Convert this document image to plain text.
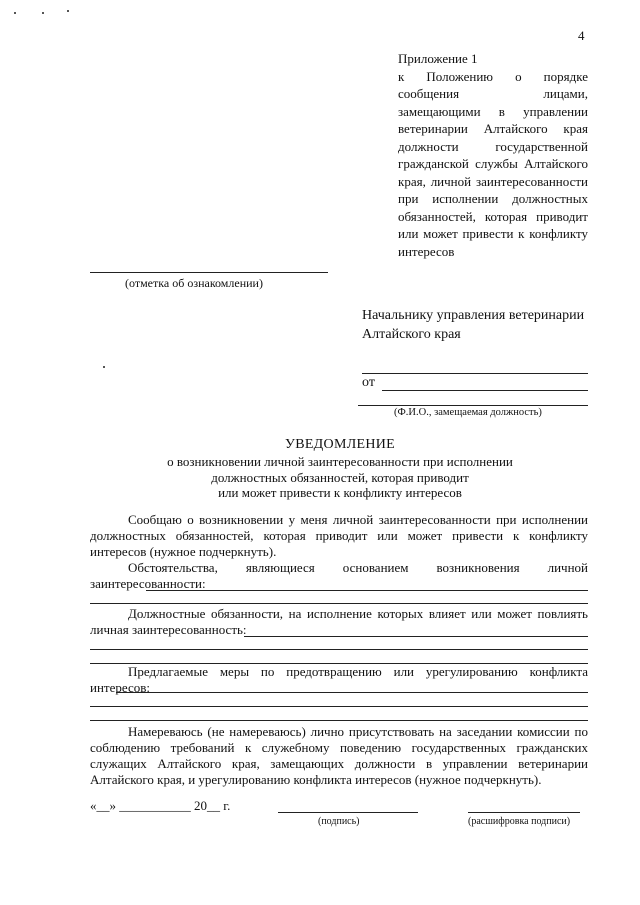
4
Приложение 1
к Положению о порядке сообщения лицами, замещающими в управлении ветеринарии Алтайского края должности государственной гражданской службы Алтайского края, личной заинтересованности при исполнении должностных обязанностей, которая приводит или может привести к конфликту интересов
(отметка об ознакомлении)
Начальнику управления ветеринарии Алтайского края
от
(Ф.И.О., замещаемая должность)
УВЕДОМЛЕНИЕ
о возникновении личной заинтересованности при исполнении
должностных обязанностей, которая приводит
или может привести к конфликту интересов
Сообщаю о возникновении у меня личной заинтересованности при исполнении должностных обязанностей, которая приводит или может привести к конфликту интересов (нужное подчеркнуть).
Обстоятельства, являющиеся основанием возникновения личной заинтересованности:
Должностные обязанности, на исполнение которых влияет или может повлиять личная заинтересованность:
Предлагаемые меры по предотвращению или урегулированию конфликта интересов:
Намереваюсь (не намереваюсь) лично присутствовать на заседании комиссии по соблюдению требований к служебному поведению государственных гражданских служащих Алтайского края, замещающих должности в управлении ветеринарии Алтайского края, и урегулированию конфликта интересов (нужное подчеркнуть).
«__» ___________ 20__ г.
(подпись)	(расшифровка подписи)
